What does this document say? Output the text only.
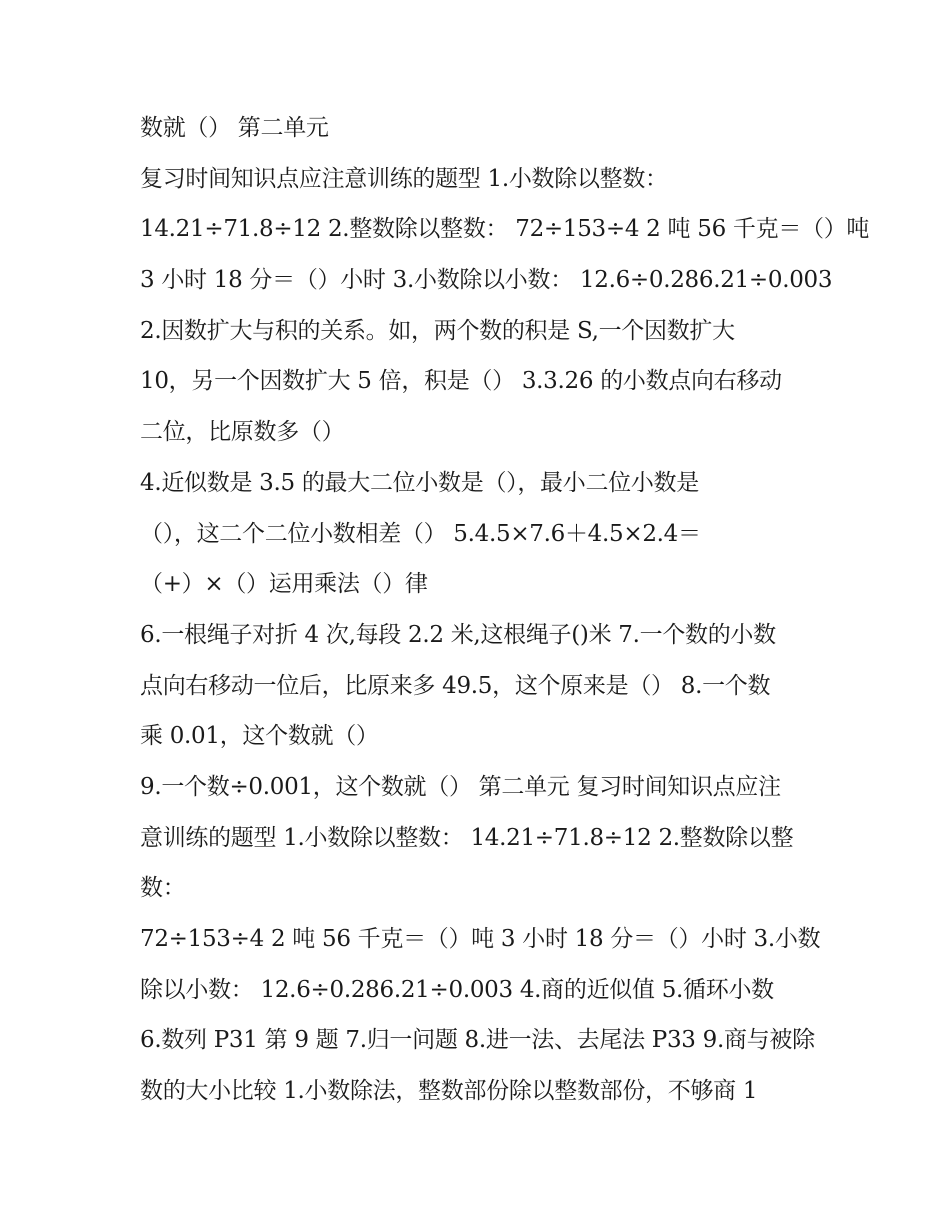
数就（） 第二单元
复习时间知识点应注意训练的题型 1.小数除以整数：
14.21÷71.8÷12 2.整数除以整数： 72÷153÷4 2 吨 56 千克＝（）吨
3 小时 18 分＝（）小时 3.小数除以小数： 12.6÷0.286.21÷0.003
2.因数扩大与积的关系。如，两个数的积是 S,一个因数扩大
10，另一个因数扩大 5 倍，积是（） 3.3.26 的小数点向右移动
二位，比原数多（）
4.近似数是 3.5 的最大二位小数是（），最小二位小数是
（），这二个二位小数相差（） 5.4.5×7.6＋4.5×2.4＝
（+）×（）运用乘法（）律
6.一根绳子对折 4 次,每段 2.2 米,这根绳子()米 7.一个数的小数
点向右移动一位后，比原来多 49.5，这个原来是（） 8.一个数
乘 0.01，这个数就（）
9.一个数÷0.001，这个数就（） 第二单元 复习时间知识点应注
意训练的题型 1.小数除以整数： 14.21÷71.8÷12 2.整数除以整
数：
72÷153÷4 2 吨 56 千克＝（）吨 3 小时 18 分＝（）小时 3.小数
除以小数： 12.6÷0.286.21÷0.003 4.商的近似值 5.循环小数
6.数列 P31 第 9 题 7.归一问题 8.进一法、去尾法 P33 9.商与被除
数的大小比较 1.小数除法，整数部份除以整数部份，不够商 1
